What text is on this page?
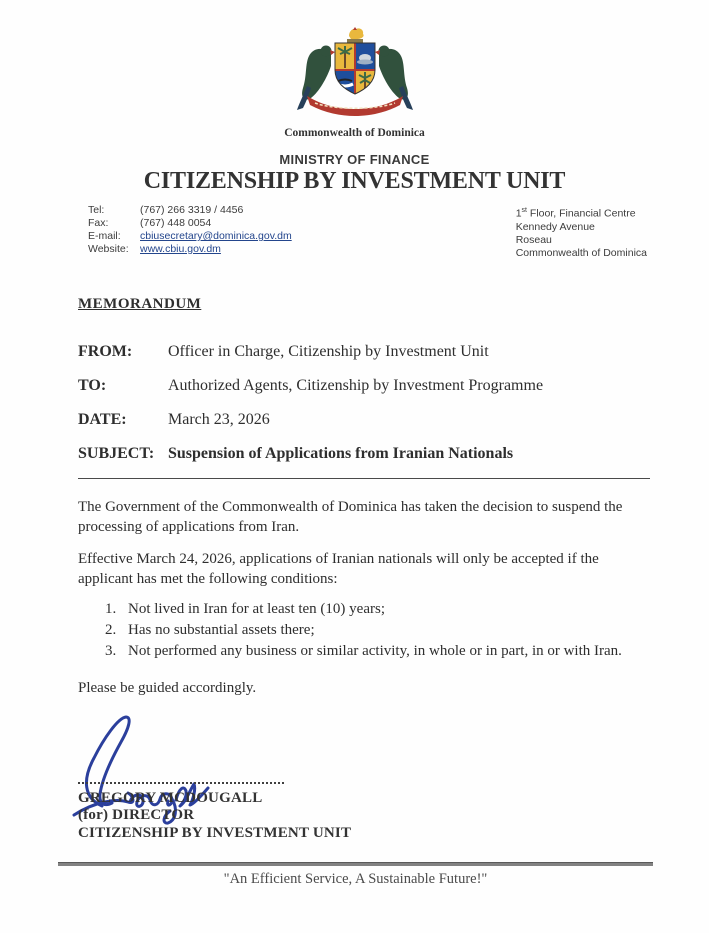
Commonwealth of Dominica
MINISTRY OF FINANCE
CITIZENSHIP BY INVESTMENT UNIT
Tel:	(767) 266 3319 / 4456
Fax:	(767) 448 0054
E-mail:	cbiusecretary@dominica.gov.dm
Website:	www.cbiu.gov.dm
1st Floor, Financial Centre
Kennedy Avenue
Roseau
Commonwealth of Dominica
MEMORANDUM
FROM:	Officer in Charge, Citizenship by Investment Unit
TO:	Authorized Agents, Citizenship by Investment Programme
DATE:	March 23, 2026
SUBJECT: Suspension of Applications from Iranian Nationals

The Government of the Commonwealth of Dominica has taken the decision to suspend the processing of applications from Iran.

Effective March 24, 2026, applications of Iranian nationals will only be accepted if the applicant has met the following conditions:

1. Not lived in Iran for at least ten (10) years;
2. Has no substantial assets there;
3. Not performed any business or similar activity, in whole or in part, in or with Iran.

Please be guided accordingly.

GREGORY MCDOUGALL
(for) DIRECTOR
CITIZENSHIP BY INVESTMENT UNIT
"An Efficient Service, A Sustainable Future!"
